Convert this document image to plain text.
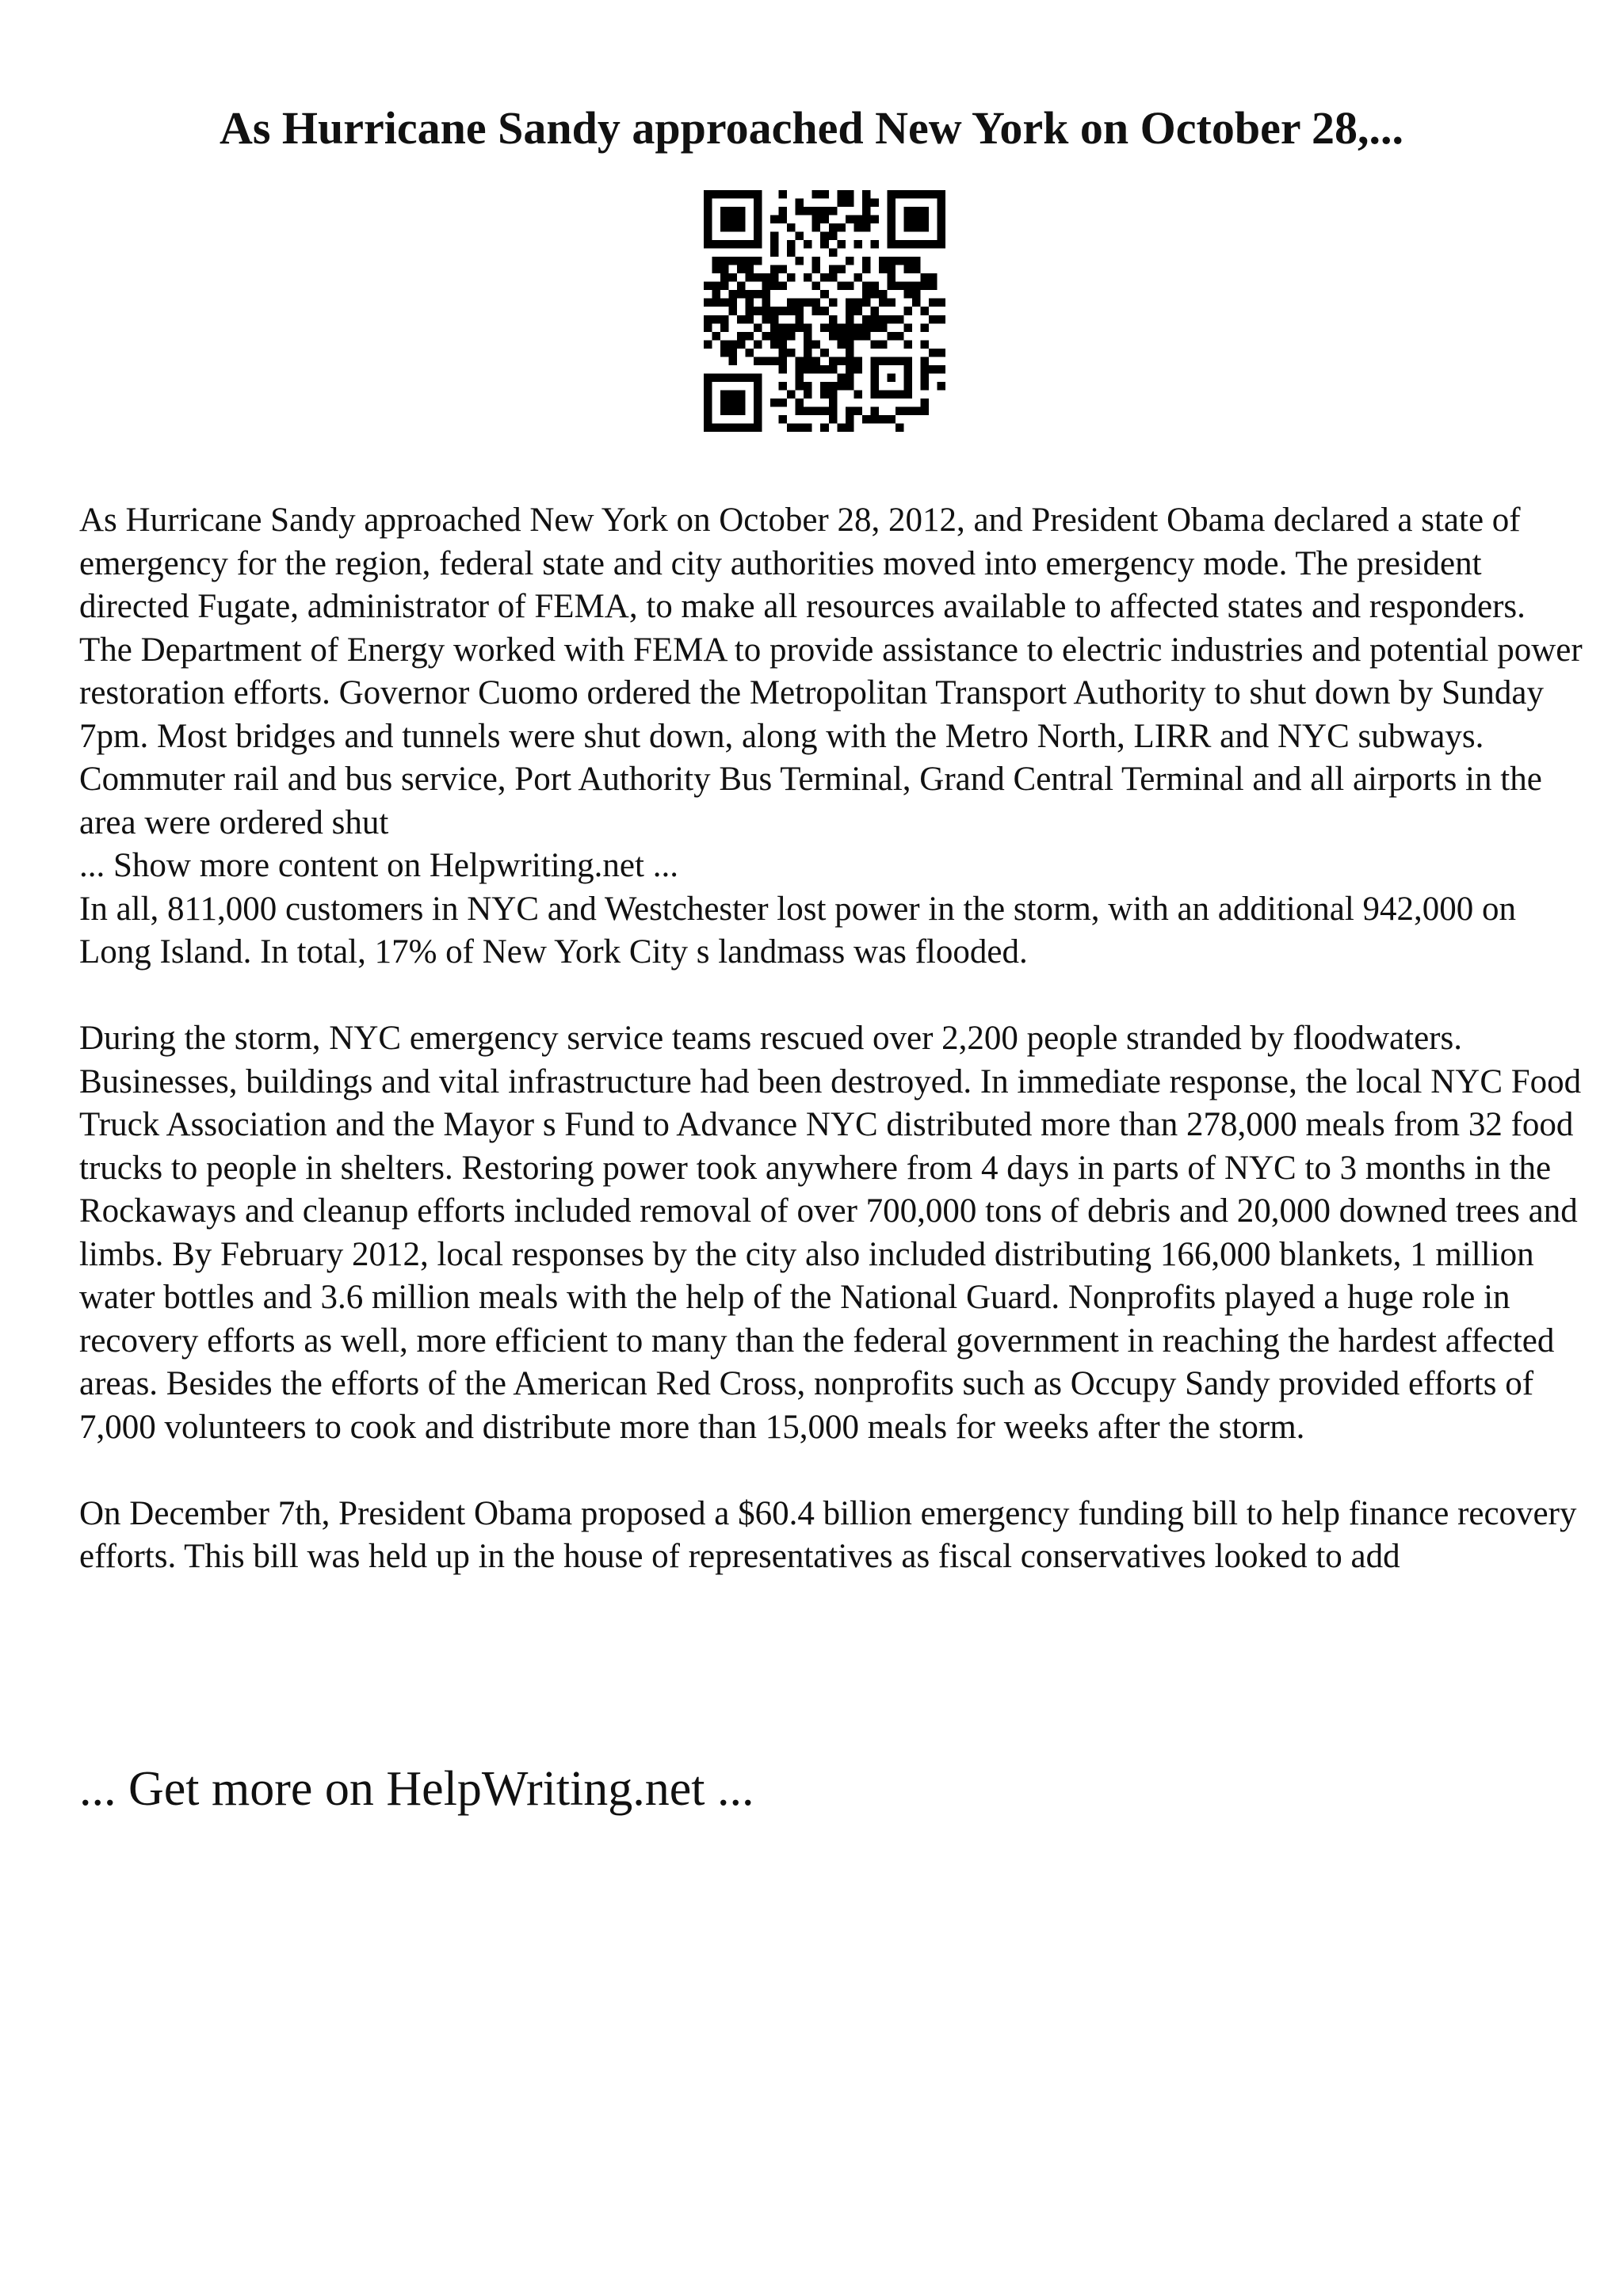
As Hurricane Sandy approached New York on October 28,...

As Hurricane Sandy approached New York on October 28, 2012, and President Obama declared a state of emergency for the region, federal state and city authorities moved into emergency mode. The president directed Fugate, administrator of FEMA, to make all resources available to affected states and responders. The Department of Energy worked with FEMA to provide assistance to electric industries and potential power restoration efforts. Governor Cuomo ordered the Metropolitan Transport Authority to shut down by Sunday 7pm. Most bridges and tunnels were shut down, along with the Metro North, LIRR and NYC subways. Commuter rail and bus service, Port Authority Bus Terminal, Grand Central Terminal and all airports in the area were ordered shut

... Show more content on Helpwriting.net ...

In all, 811,000 customers in NYC and Westchester lost power in the storm, with an additional 942,000 on Long Island. In total, 17% of New York City s landmass was flooded.

During the storm, NYC emergency service teams rescued over 2,200 people stranded by floodwaters. Businesses, buildings and vital infrastructure had been destroyed. In immediate response, the local NYC Food Truck Association and the Mayor s Fund to Advance NYC distributed more than 278,000 meals from 32 food trucks to people in shelters. Restoring power took anywhere from 4 days in parts of NYC to 3 months in the Rockaways and cleanup efforts included removal of over 700,000 tons of debris and 20,000 downed trees and limbs. By February 2012, local responses by the city also included distributing 166,000 blankets, 1 million water bottles and 3.6 million meals with the help of the National Guard. Nonprofits played a huge role in recovery efforts as well, more efficient to many than the federal government in reaching the hardest affected areas. Besides the efforts of the American Red Cross, nonprofits such as Occupy Sandy provided efforts of 7,000 volunteers to cook and distribute more than 15,000 meals for weeks after the storm.

On December 7th, President Obama proposed a $60.4 billion emergency funding bill to help finance recovery efforts. This bill was held up in the house of representatives as fiscal conservatives looked to add

... Get more on HelpWriting.net ...
